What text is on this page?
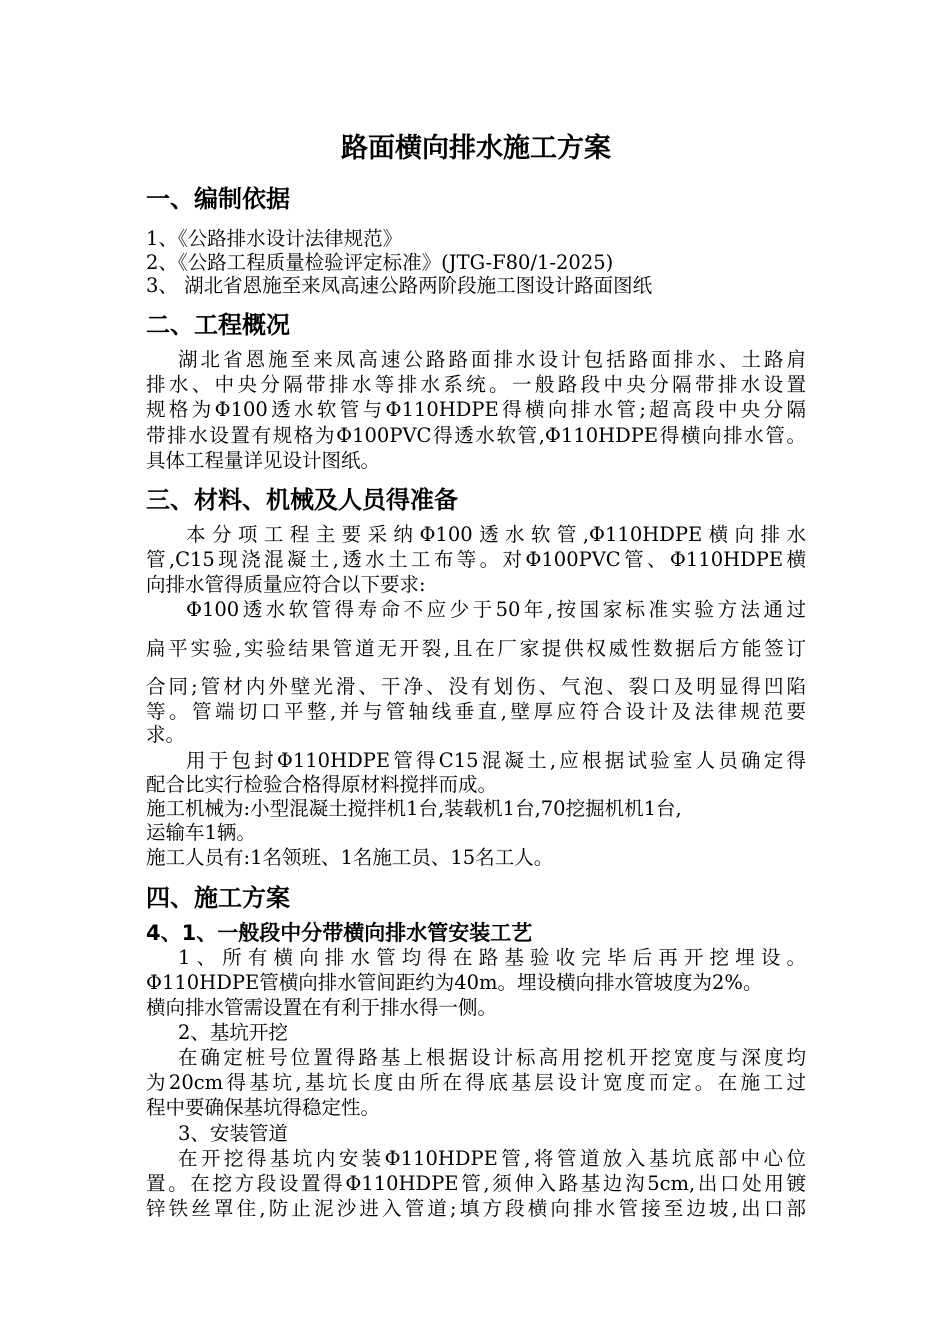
路面横向排水施工方案
一、编制依据
1、《公路排水设计法律规范》
2、《公路工程质量检验评定标准》(JTG-F80/1-2025)
3、 湖北省恩施至来凤高速公路两阶段施工图设计路面图纸
二、工程概况
湖北省恩施至来凤高速公路路面排水设计包括路面排水、土路肩
排水、中央分隔带排水等排水系统。一般路段中央分隔带排水设置
规格为Φ100透水软管与Φ110HDPE得横向排水管;超高段中央分隔
带排水设置有规格为Φ100PVC得透水软管,Φ110HDPE得横向排水管。
具体工程量详见设计图纸。
三、材料、机械及人员得准备
本分项工程主要采纳Φ100透水软管,Φ110HDPE横向排水
管,C15现浇混凝土,透水土工布等。对Φ100PVC管、Φ110HDPE横
向排水管得质量应符合以下要求:
Φ100透水软管得寿命不应少于50年,按国家标准实验方法通过
扁平实验,实验结果管道无开裂,且在厂家提供权威性数据后方能签订
合同;管材内外壁光滑、干净、没有划伤、气泡、裂口及明显得凹陷
等。管端切口平整,并与管轴线垂直,壁厚应符合设计及法律规范要
求。
用于包封Φ110HDPE管得C15混凝土,应根据试验室人员确定得
配合比实行检验合格得原材料搅拌而成。
施工机械为:小型混凝土搅拌机1台,装载机1台,70挖掘机机1台,
运输车1辆。
施工人员有:1名领班、1名施工员、15名工人。
四、施工方案
4、1、一般段中分带横向排水管安装工艺
1、所有横向排水管均得在路基验收完毕后再开挖埋设。
Φ110HDPE管横向排水管间距约为40m。埋设横向排水管坡度为2%。
横向排水管需设置在有利于排水得一侧。
2、基坑开挖
在确定桩号位置得路基上根据设计标高用挖机开挖宽度与深度均
为20cm得基坑,基坑长度由所在得底基层设计宽度而定。在施工过
程中要确保基坑得稳定性。
3、安装管道
在开挖得基坑内安装Φ110HDPE管,将管道放入基坑底部中心位
置。在挖方段设置得Φ110HDPE管,须伸入路基边沟5cm,出口处用镀
锌铁丝罩住,防止泥沙进入管道;填方段横向排水管接至边坡,出口部
